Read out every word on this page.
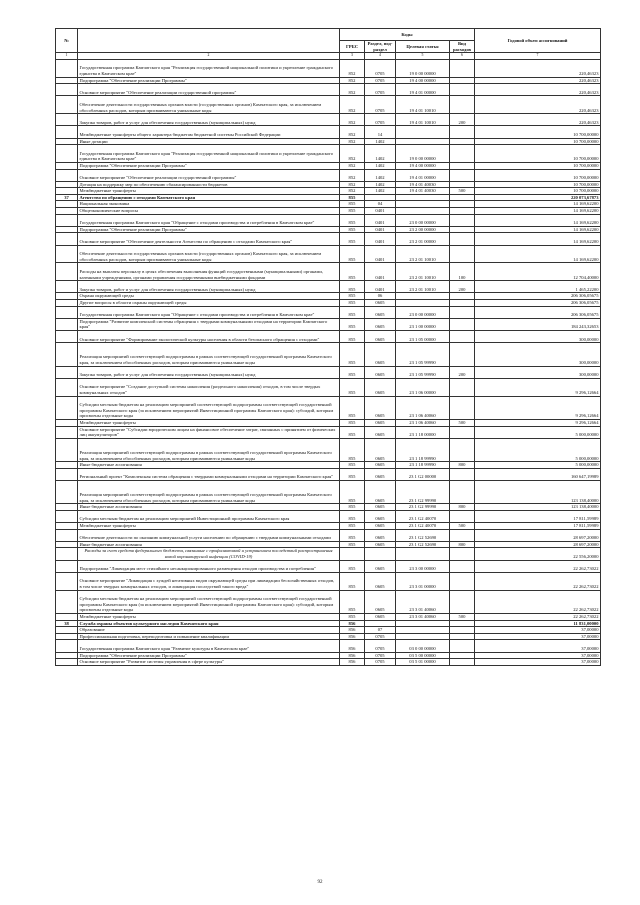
№		Коды				Годовой объем ассигнований
		ГРБС	Раздел, под-раздел	Целевая статья	Вид расходов	
1	2	3	4	5	6	7
	Государственная программа Камчатского края "Реализация государственной национальной политики и укрепление гражданского единства в Камчатском крае"	852	0705	19 0 00 00000		220,46323
	Подпрограмма "Обеспечение реализации Программы"	852	0705	19 4 00 00000		220,46323
	Основное мероприятие "Обеспечение реализации государственной программы"	852	0705	19 4 01 00000		220,46323
	Обеспечение деятельности государственных органов власти (государственных органов) Камчатского края, за исключением обособленных расходов, которым присваиваются уникальные коды	852	0705	19 4 01 10010		220,46323
	Закупка товаров, работ и услуг для обеспечения государственных (муниципальных) нужд	852	0705	19 4 01 10010	200	220,46323
	Межбюджетные трансферты общего характера бюджетам бюджетной системы Российской Федерации	852	14			10 700,00000
	Иные дотации	852	1402			10 700,00000
	Государственная программа Камчатского края "Реализация государственной национальной политики и укрепление гражданского единства в Камчатском крае"	852	1402	19 0 00 00000		10 700,00000
	Подпрограмма "Обеспечение реализации Программы"	852	1402	19 4 00 00000		10 700,00000
	Основное мероприятие "Обеспечение реализации государственной программы"	852	1402	19 4 01 00000		10 700,00000
	Дотация на поддержку мер по обеспечению сбалансированности бюджетов	852	1402	19 4 01 40030		10 700,00000
	Межбюджетные трансферты	852	1402	19 4 01 40030	500	10 700,00000
37	Агентство по обращению с отходами Камчатского края	855				220 073,67873
	Национальная экономика	855	04			14 169,62200
	Общеэкономические вопросы	855	0401			14 169,62200
	Государственная программа Камчатского края "Обращение с отходами производства и потребления в Камчатском крае"	855	0401	23 0 00 00000		14 169,62200
	Подпрограмма "Обеспечение реализации Программы"	855	0401	23 2 00 00000		14 169,62200
	Основное мероприятие "Обеспечение деятельности Агентства по обращению с отходами Камчатского края"	855	0401	23 2 01 00000		14 169,62200
	Обеспечение деятельности государственных органов власти (государственных органов) Камчатского края, за исключением обособленных расходов, которым присваиваются уникальные коды	855	0401	23 2 01 10010		14 169,62200
	Расходы на выплаты персоналу в целях обеспечения выполнения функций государственными (муниципальными) органами, казенными учреждениями, органами управления государственными внебюджетными фондами	855	0401	23 2 01 10010	100	12 704,40000
	Закупка товаров, работ и услуг для обеспечения государственных (муниципальных) нужд	855	0401	23 2 01 10010	200	1 465,22200
	Охрана окружающей среды	855	06			206 306,05675
	Другие вопросы в области охраны окружающей среды	855	0605			206 306,05675
	Государственная программа Камчатского края "Обращение с отходами производства и потребления в Камчатском крае"	855	0605	23 0 00 00000		206 306,05675
	Подпрограмма "Развитие комплексной системы обращения с твердыми коммунальными отходами на территории Камчатского края"	855	0605	23 1 00 00000		184 243,32653
	Основное мероприятие "Формирование экологической культуры населения в области безопасного обращения с отходами"	855	0605	23 1 05 00000		300,00000
	Реализация мероприятий соответствующей подпрограммы в рамках соответствующей государственной программы Камчатского края, за исключением обособленных расходов, которым присваиваются уникальные коды	855	0605	23 1 05 99990		300,00000
	Закупка товаров, работ и услуг для обеспечения государственных (муниципальных) нужд	855	0605	23 1 05 99990	200	300,00000
	Основное мероприятие "Создание доступной системы накопления (раздельного накопления) отходов, в том числе твердых коммунальных отходов"	855	0605	23 1 06 00000		9 296,12664
	Субсидии местным бюджетам на реализацию мероприятий соответствующей подпрограммы соответствующей государственной программы Камчатского края (за исключением мероприятий Инвестиционной программы Камчатского края): субсидий, которым присвоены отдельные коды	855	0605	23 1 06 40060		9 296,12664
	Межбюджетные трансферты	855	0605	23 1 06 40060	500	9 296,12664
	Основное мероприятие "Субсидии юридическим лицам на финансовое обеспечение затрат, связанных с принятием от физических лиц аккумуляторов"	855	0605	23 1 18 00000		5 000,00000
	Реализация мероприятий соответствующей подпрограммы в рамках соответствующей государственной программы Камчатского края, за исключением обособленных расходов, которым присваиваются уникальные коды	855	0605	23 1 18 99990		5 000,00000
	Иные бюджетные ассигнования	855	0605	23 1 18 99990	800	5 000,00000
	Региональный проект "Комплексная система обращения с твердыми коммунальными отходами на территории Камчатского края"	855	0605	23 1 G2 00000		160 647,19989
	Реализация мероприятий соответствующей подпрограммы в рамках соответствующей государственной программы Камчатского края, за исключением обособленных расходов, которым присваиваются уникальные коды	855	0605	23 1 G2 99990		123 138,40000
	Иные бюджетные ассигнования	855	0605	23 1 G2 99990	800	123 138,40000
	Субсидии местным бюджетам на реализацию мероприятий Инвестиционной программы Камчатского края	855	0605	23 1 G2 40070		17 811,59989
	Межбюджетные трансферты	855	0605	23 1 G2 40070	500	17 811,59989
	Обеспечение деятельности по оказанию коммунальной услуги населению по обращению с твердыми коммунальными отходами	855	0605	23 1 G2 52690		28 697,20000
	Иные бюджетные ассигнования	855	0605	23 1 G2 52690	800	28 697,20000
	Расходы за счет средств федерального бюджета, связанные с профилактикой и устранением последствий распространения новой коронавирусной инфекции (COVID-19)					22 556,20000
	Подпрограмма "Ликвидация мест стихийного несанкционированного размещения отходов производства и потребления"	855	0605	23 3 00 00000		22 262,73022
	Основное мероприятие "Ликвидация с хуждей негативных видов окружающей среды при ликвидации бесхозяйственных отходов, в том числе твердых коммунальных отходов, и ликвидация последствий такого вреда"	855	0605	23 3 01 00000		22 262,73022
	Субсидии местным бюджетам на реализацию мероприятий соответствующей подпрограммы соответствующей государственной программы Камчатского края (за исключением мероприятий Инвестиционной программы Камчатского края): субсидий, которым присвоены отдельные коды	855	0605	23 3 01 40060		22 262,73022
	Межбюджетные трансферты	855	0605	23 3 01 40060	500	22 262,73022
38	Служба охраны объектов культурного наследия Камчатского края	856				11 831,00000
	Образование	856	07			37,00000
	Профессиональная подготовка, переподготовка и повышение квалификации	856	0705			37,00000
	Государственная программа Камчатского края "Развитие культуры в Камчатском крае"	856	0705	03 0 00 00000		37,00000
	Подпрограмма "Обеспечение реализации Программы"	856	0705	03 5 00 00000		37,00000
	Основное мероприятие "Развитие системы управления в сфере культуры"	856	0705	03 5 01 00000		37,00000
92
